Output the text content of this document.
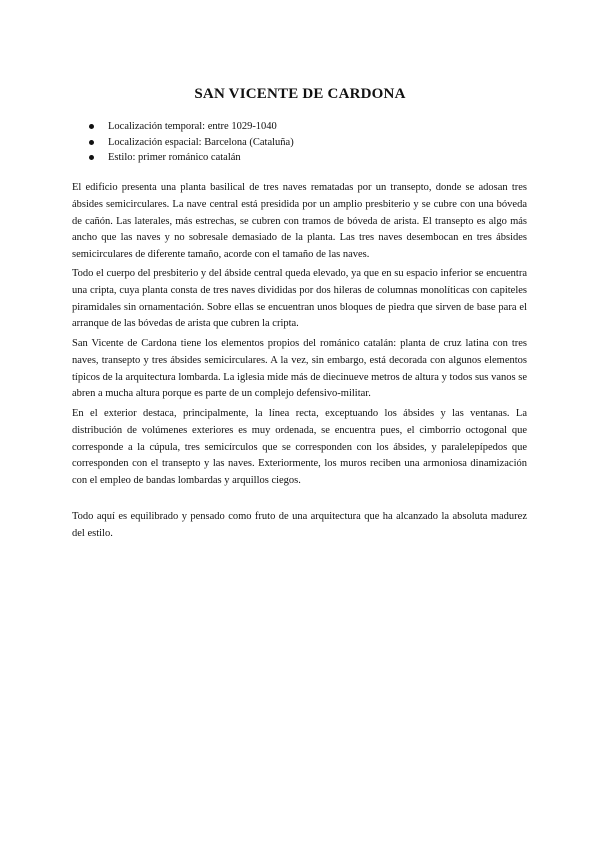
SAN VICENTE DE CARDONA
Localización temporal: entre 1029-1040
Localización espacial: Barcelona (Cataluña)
Estilo: primer románico catalán

El edificio presenta una planta basilical de tres naves rematadas por un transepto, donde se adosan tres ábsides semicirculares. La nave central está presidida por un amplio presbiterio y se cubre con una bóveda de cañón. Las laterales, más estrechas, se cubren con tramos de bóveda de arista. El transepto es algo más ancho que las naves y no sobresale demasiado de la planta. Las tres naves desembocan en tres ábsides semicirculares de diferente tamaño, acorde con el tamaño de las naves.

Todo el cuerpo del presbiterio y del ábside central queda elevado, ya que en su espacio inferior se encuentra una cripta, cuya planta consta de tres naves divididas por dos hileras de columnas monolíticas con capiteles piramidales sin ornamentación. Sobre ellas se encuentran unos bloques de piedra que sirven de base para el arranque de las bóvedas de arista que cubren la cripta.

San Vicente de Cardona tiene los elementos propios del románico catalán: planta de cruz latina con tres naves, transepto y tres ábsides semicirculares. A la vez, sin embargo, está decorada con algunos elementos típicos de la arquitectura lombarda. La iglesia mide más de diecinueve metros de altura y todos sus vanos se abren a mucha altura porque es parte de un complejo defensivo-militar.

En el exterior destaca, principalmente, la línea recta, exceptuando los ábsides y las ventanas. La distribución de volúmenes exteriores es muy ordenada, se encuentra pues, el cimborrio octogonal que corresponde a la cúpula, tres semicírculos que se corresponden con los ábsides, y paralelepípedos que corresponden con el transepto y las naves. Exteriormente, los muros reciben una armoniosa dinamización con el empleo de bandas lombardas y arquillos ciegos.

Todo aquí es equilibrado y pensado como fruto de una arquitectura que ha alcanzado la absoluta madurez del estilo.
